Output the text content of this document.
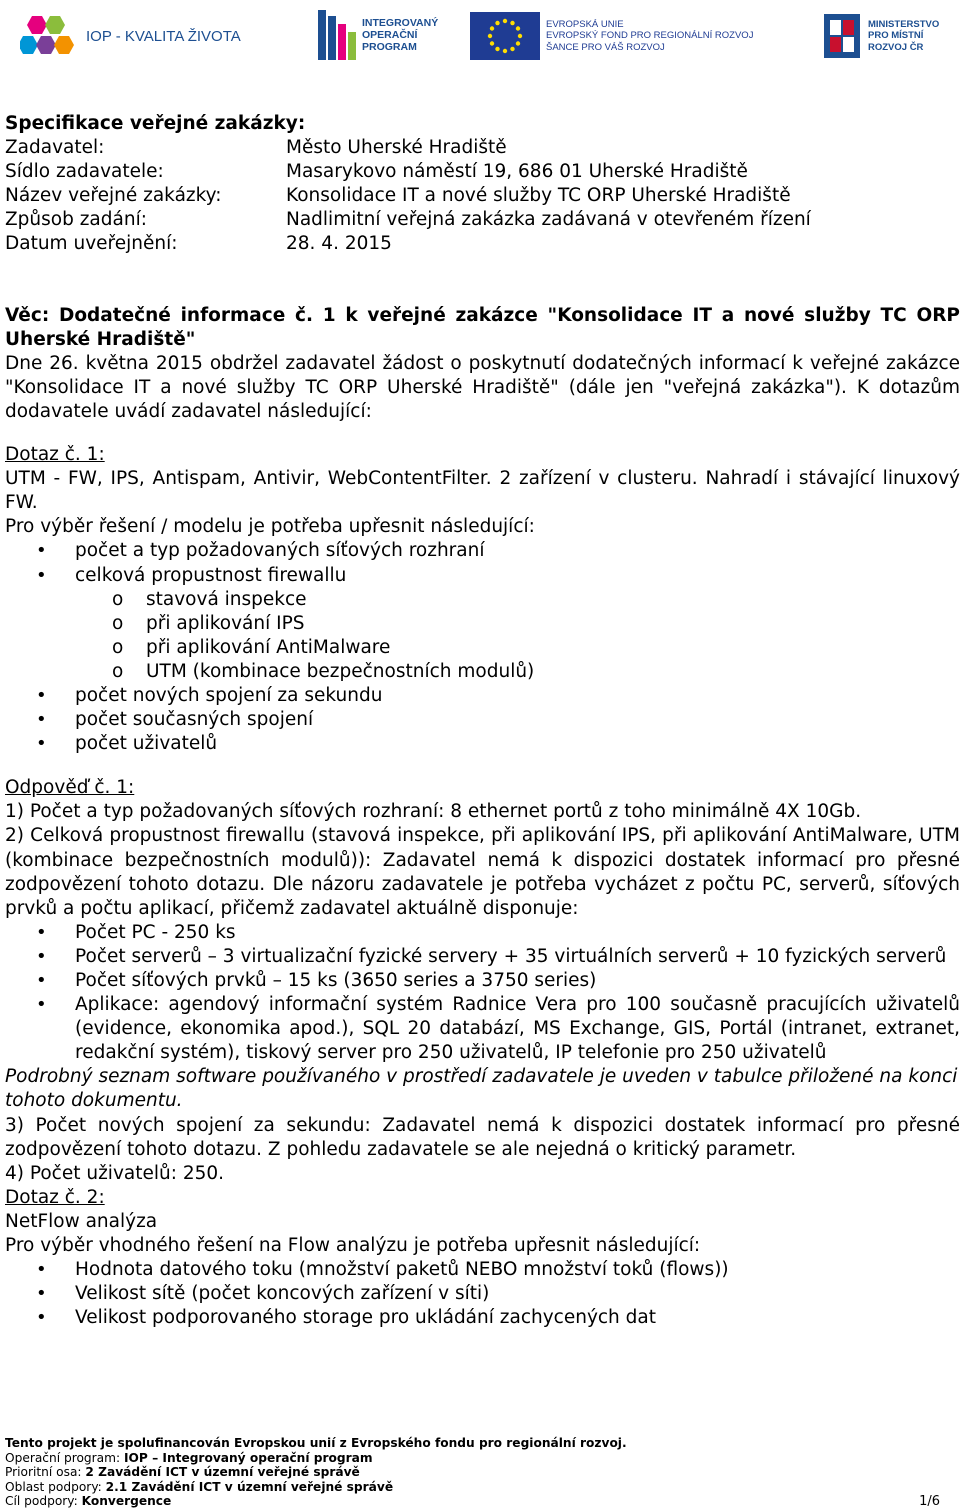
IOP - KVALITA ŽIVOTA
INTEGROVANÝ
OPERAČNÍ
PROGRAM
EVROPSKÁ UNIE
EVROPSKÝ FOND PRO REGIONÁLNÍ ROZVOJ
ŠANCE PRO VÁŠ ROZVOJ
MINISTERSTVO
PRO MÍSTNÍ
ROZVOJ ČR

Specifikace veřejné zakázky:

Zadavatel:	Město Uherské Hradiště
Sídlo zadavatele:	Masarykovo náměstí 19, 686 01 Uherské Hradiště
Název veřejné zakázky:	Konsolidace IT a nové služby TC ORP Uherské Hradiště
Způsob zadání:	Nadlimitní veřejná zakázka zadávaná v otevřeném řízení
Datum uveřejnění:	28. 4. 2015

Věc: Dodatečné informace č. 1 k veřejné zakázce "Konsolidace IT a nové služby TC ORP Uherské Hradiště"

Dne 26. května 2015 obdržel zadavatel žádost o poskytnutí dodatečných informací k veřejné zakázce "Konsolidace IT a nové služby TC ORP Uherské Hradiště" (dále jen "veřejná zakázka"). K dotazům dodavatele uvádí zadavatel následující:

Dotaz č. 1:

UTM - FW, IPS, Antispam, Antivir, WebContentFilter. 2 zařízení v clusteru. Nahradí i stávající linuxový FW.

Pro výběr řešení / modelu je potřeba upřesnit následující:

• počet a typ požadovaných síťových rozhraní
• celková propustnost firewallu
o stavová inspekce
o při aplikování IPS
o při aplikování AntiMalware
o UTM (kombinace bezpečnostních modulů)
• počet nových spojení za sekundu
• počet současných spojení
• počet uživatelů

Odpověď č. 1:

1) Počet a typ požadovaných síťových rozhraní: 8 ethernet portů z toho minimálně 4X 10Gb.

2) Celková propustnost firewallu (stavová inspekce, při aplikování IPS, při aplikování AntiMalware, UTM (kombinace bezpečnostních modulů)): Zadavatel nemá k dispozici dostatek informací pro přesné zodpovězení tohoto dotazu. Dle názoru zadavatele je potřeba vycházet z počtu PC, serverů, síťových prvků a počtu aplikací, přičemž zadavatel aktuálně disponuje:

• Počet PC - 250 ks
• Počet serverů – 3 virtualizační fyzické servery + 35 virtuálních serverů + 10 fyzických serverů
• Počet síťových prvků – 15 ks (3650 series a 3750 series)
• Aplikace: agendový informační systém Radnice Vera pro 100 současně pracujících uživatelů (evidence, ekonomika apod.), SQL 20 databází, MS Exchange, GIS, Portál (intranet, extranet, redakční systém), tiskový server pro 250 uživatelů, IP telefonie pro 250 uživatelů

Podrobný seznam software používaného v prostředí zadavatele je uveden v tabulce přiložené na konci tohoto dokumentu.

3) Počet nových spojení za sekundu: Zadavatel nemá k dispozici dostatek informací pro přesné zodpovězení tohoto dotazu. Z pohledu zadavatele se ale nejedná o kritický parametr.

4) Počet uživatelů: 250.

Dotaz č. 2:

NetFlow analýza

Pro výběr vhodného řešení na Flow analýzu je potřeba upřesnit následující:

• Hodnota datového toku (množství paketů NEBO množství toků (flows))
• Velikost sítě (počet koncových zařízení v síti)
• Velikost podporovaného storage pro ukládání zachycených dat
Tento projekt je spolufinancován Evropskou unií z Evropského fondu pro regionální rozvoj.
Operační program: IOP – Integrovaný operační program
Prioritní osa: 2 Zavádění ICT v územní veřejné správě
Oblast podpory: 2.1 Zavádění ICT v územní veřejné správě
Cíl podpory: Konvergence	1/6
